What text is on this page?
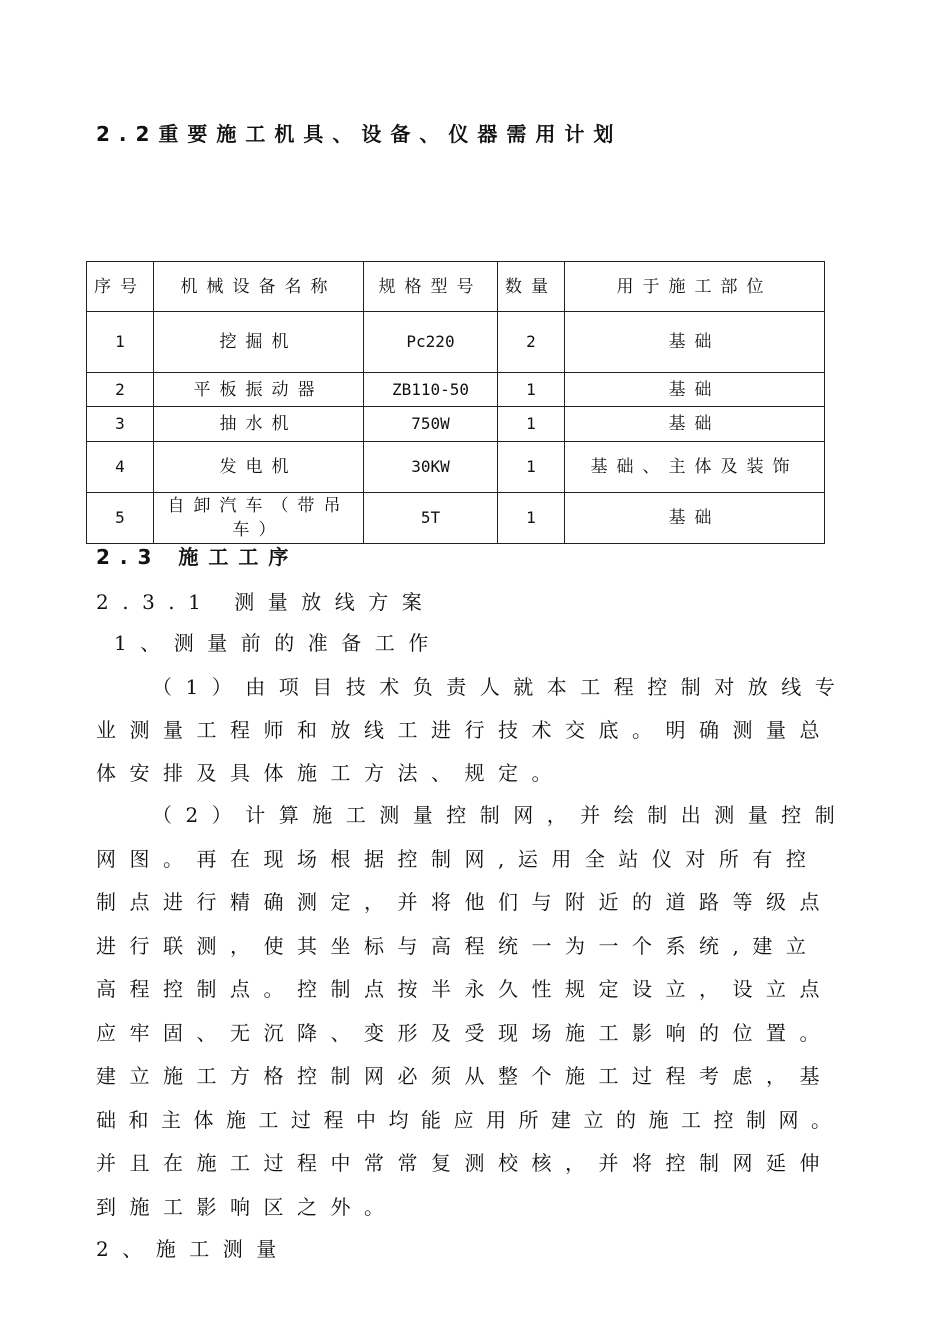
2.2重要施工机具、设备、仪器需用计划
序号	机械设备名称	规格型号	数量	用于施工部位
1	挖掘机	Pc220	2	基础
2	平板振动器	ZB110-50	1	基础
3	抽水机	750W	1	基础
4	发电机	30KW	1	基础、主体及装饰
5	自卸汽车（带吊车）	5T	1	基础
2.3 施工工序
2.3.1 测量放线方案
1、测量前的准备工作
（1）由项目技术负责人就本工程控制对放线专
业测量工程师和放线工进行技术交底。明确测量总
体安排及具体施工方法、规定。
（2）计算施工测量控制网，并绘制出测量控制
网图。再在现场根据控制网,运用全站仪对所有控
制点进行精确测定，并将他们与附近的道路等级点
进行联测，使其坐标与高程统一为一个系统,建立
高程控制点。控制点按半永久性规定设立，设立点
应牢固、无沉降、变形及受现场施工影响的位置。
建立施工方格控制网必须从整个施工过程考虑，基
础和主体施工过程中均能应用所建立的施工控制网。
并且在施工过程中常常复测校核，并将控制网延伸
到施工影响区之外。
2、施工测量
